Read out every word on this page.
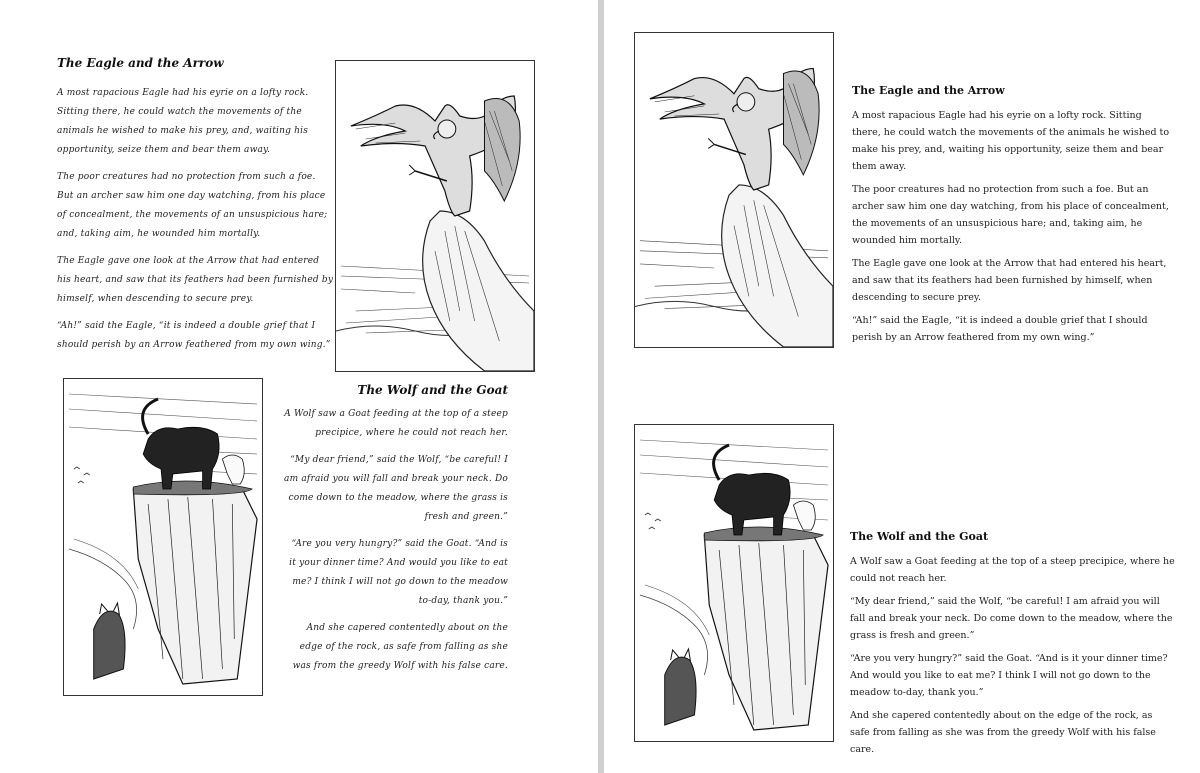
The Eagle and the Arrow

A most rapacious Eagle had his eyrie on a lofty rock. Sitting there, he could watch the movements of the animals he wished to make his prey, and, waiting his opportunity, seize them and bear them away.

The poor creatures had no protection from such a foe. But an archer saw him one day watching, from his place of concealment, the movements of an unsuspicious hare; and, taking aim, he wounded him mortally.

The Eagle gave one look at the Arrow that had entered his heart, and saw that its feathers had been furnished by himself, when descending to secure prey.

“Ah!” said the Eagle, “it is indeed a double grief that I should perish by an Arrow feathered from my own wing.”

The Wolf and the Goat

A Wolf saw a Goat feeding at the top of a steep precipice, where he could not reach her.

“My dear friend,” said the Wolf, “be careful! I am afraid you will fall and break your neck. Do come down to the meadow, where the grass is fresh and green.”

“Are you very hungry?” said the Goat. “And is it your dinner time? And would you like to eat me? I think I will not go down to the meadow to-day, thank you.”

And she capered contentedly about on the edge of the rock, as safe from falling as she was from the greedy Wolf with his false care.

The Eagle and the Arrow

A most rapacious Eagle had his eyrie on a lofty rock. Sitting there, he could watch the movements of the animals he wished to make his prey, and, waiting his opportunity, seize them and bear them away.

The poor creatures had no protection from such a foe. But an archer saw him one day watching, from his place of concealment, the movements of an unsuspicious hare; and, taking aim, he wounded him mortally.

The Eagle gave one look at the Arrow that had entered his heart, and saw that its feathers had been furnished by himself, when descending to secure prey.

“Ah!” said the Eagle, “it is indeed a double grief that I should perish by an Arrow feathered from my own wing.”

The Wolf and the Goat

A Wolf saw a Goat feeding at the top of a steep precipice, where he could not reach her.

“My dear friend,” said the Wolf, “be careful! I am afraid you will fall and break your neck. Do come down to the meadow, where the grass is fresh and green.”

“Are you very hungry?” said the Goat. “And is it your dinner time? And would you like to eat me? I think I will not go down to the meadow to-day, thank you.”

And she capered contentedly about on the edge of the rock, as safe from falling as she was from the greedy Wolf with his false care.
